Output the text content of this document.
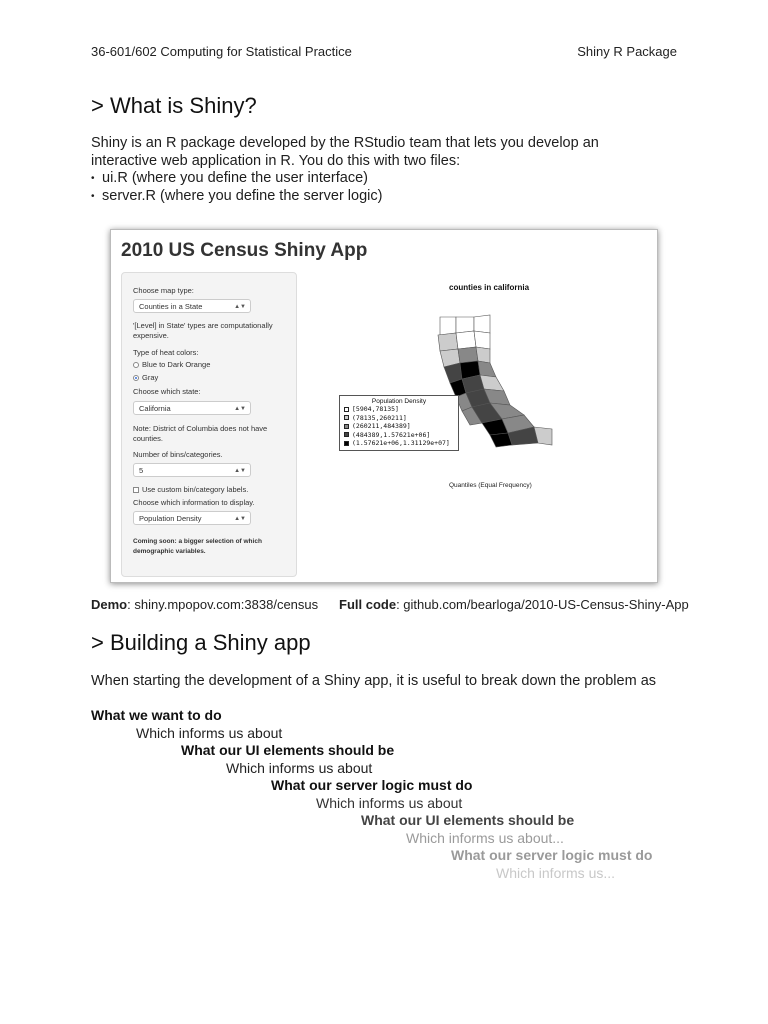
36-601/602 Computing for Statistical Practice	Shiny R Package
> What is Shiny?
Shiny is an R package developed by the RStudio team that lets you develop an
interactive web application in R. You do this with two files:
• ui.R (where you define the user interface)
• server.R (where you define the server logic)
2010 US Census Shiny App
Choose map type:
Counties in a State	▲▼
'[Level] in State' types are computationally
expensive.
Type of heat colors:
Blue to Dark Orange
Gray
Choose which state:
California	▲▼
Note: District of Columbia does not have
counties.
Number of bins/categories.
5	▲▼
Use custom bin/category labels.
Choose which information to display.
Population Density	▲▼
Coming soon: a bigger selection of which
demographic variables.
counties in california
Population Density
[5904,78135]
(78135,260211]
(260211,484389]
(484389,1.57621e+06]
(1.57621e+06,1.31129e+07]
Quantiles (Equal Frequency)
Demo: shiny.mpopov.com:3838/census Full code: github.com/bearloga/2010-US-Census-Shiny-App
> Building a Shiny app
When starting the development of a Shiny app, it is useful to break down the problem as
What we want to do
Which informs us about
What our UI elements should be
Which informs us about
What our server logic must do
Which informs us about
What our UI elements should be
Which informs us about...
What our server logic must do
Which informs us...
